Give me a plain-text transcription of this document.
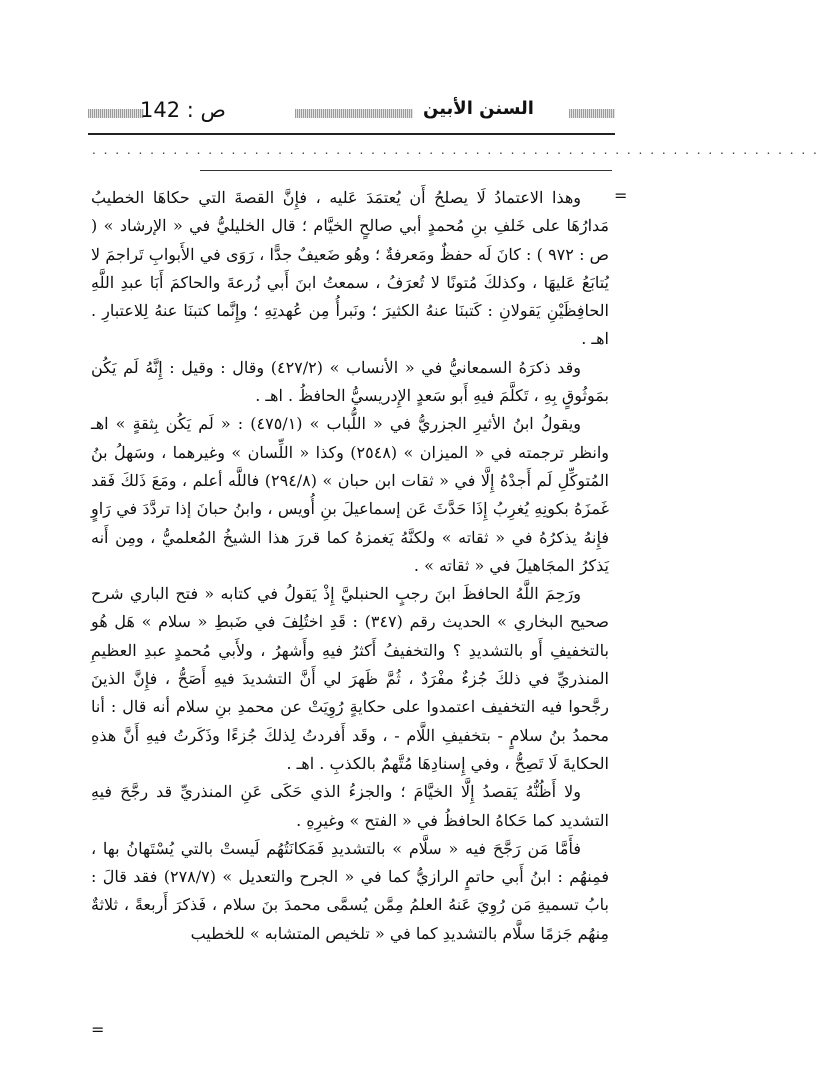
ص : 142	السنن الأبين
. . . . . . . . . . . . . . . . . . . . . . . . . . . . . . . . . . . . . . . . . . . . . . . . . . . . . . . . . . . . . . .
=

وهذا الاعتمادُ لَا يصلحُ أَن يُعتمَدَ عَليه ، فإِنَّ القصةَ التي حكاهَا الخطيبُ مَدارُهَا على خَلفِ بنِ مُحمدٍ أبي صالحٍ الخيَّام ؛ قال الخليليُّ في « الإرشاد » ( ص : ٩٧٢ ) : كانَ لَه حفظٌ ومَعرفةٌ ؛ وهُو ضَعيفٌ جدًّا ، رَوَى في الأَبوابِ تَراجمَ لا يُتابَعُ عَليهَا ، وكذلكَ مُتونًا لا تُعرَفُ ، سمعتُ ابنَ أَبي زُرعةَ والحاكمَ أَبَا عبدِ اللَّهِ الحافِظَيْنِ يَقولانِ : كَتبنَا عنهُ الكثيرَ ؛ ونَبرأُ مِن عُهدتِهِ ؛ وإِنَّما كتبنَا عنهُ لِلاعتبارِ . اهـ .

وقد ذكرَهُ السمعانيُّ في « الأنساب » (٤٢٧/٢) وقال : وقيل : إِنَّهُ لَم يَكُن بمَوثُوقٍ بِهِ ، تَكلَّمَ فيهِ أَبو سَعدٍ الإِدريسيُّ الحافظُ . اهـ .

ويقولُ ابنُ الأثيرِ الجزريُّ في « اللُّباب » (٤٧٥/١) : « لَم يَكُن بِثقةٍ » اهـ وانظر ترجمته في « الميزان » (٢٥٤٨) وكذا « اللِّسان » وغيرهما ، وسَهلُ بنُ المُتوكِّلِ لَم أَجدْهُ إِلَّا في « ثقات ابن حبان » (٢٩٤/٨) فاللَّه أعلم ، ومَعَ ذَلكَ فَقد غَمزَهُ بكونِهِ يُغرِبُ إِذَا حَدَّثَ عَن إسماعيلَ بنِ أُويس ، وابنُ حبانَ إذا تردَّدَ في رَاوٍ فإِنهُ يذكرُهُ في « ثقاته » ولكنَّهُ يَغمزهُ كما قررَ هذا الشيخُ المُعلميُّ ، ومِن أَنه يَذكرُ المجَاهيلَ في « ثقاته » .

ورَحِمَ اللَّهُ الحافظَ ابنَ رجبٍ الحنبليَّ إِذْ يَقولُ في كتابه « فتح الباري شرح صحيح البخاري » الحديث رقم (٣٤٧) : قَدِ اختُلِفَ في ضَبطِ « سلام » هَل هُو بالتخفيفِ أَو بالتشديدِ ؟ والتخفيفُ أَكثرُ فيهِ وأَشهرُ ، ولأَبي مُحمدٍ عبدِ العظيمِ المنذريِّ في ذلكَ جُزءٌ مفْرَدٌ ، ثُمَّ ظَهرَ لي أَنَّ التشديدَ فيهِ أَصَحُّ ، فإِنَّ الذينَ رجَّحوا فيه التخفيف اعتمدوا على حكايةٍ رُوِيَتْ عن محمدِ بنِ سلام أنه قال : أنا محمدُ بنُ سلامٍ - بتخفيفِ اللَّام - ، وقَد أَفردتُ لِذلكَ جُزءًا وذَكَرتُ فيهِ أَنَّ هذهِ الحكايةَ لَا تَصِحُّ ، وفي إِسنادِهَا مُتَّهمٌ بالكذبِ . اهـ .

ولا أَظُنُّهُ يَقصدُ إِلَّا الخيَّامَ ؛ والجزءُ الذي حَكَى عَنِ المنذريِّ قد رجَّحَ فيهِ التشديد كما حَكاهُ الحافظُ في « الفتح » وغيرِهِ .

فأَمَّا مَن رَجَّحَ فيه « سلَّام » بالتشديدِ فَمَكانَتُهُم لَيستْ بالتي يُسْتَهانُ بها ، فمِنهُم : ابنُ أَبي حاتمٍ الرازيُّ كما في « الجرح والتعديل » (٢٧٨/٧) فقد قالَ : بابُ تسميةِ مَن رُوِيَ عَنهُ العلمُ مِمَّن يُسمَّى محمدَ بنَ سلام ، فَذكرَ أَربعةً ، ثلاثةٌ مِنهُم جَزمًا سلَّام بالتشديدِ كما في « تلخيص المتشابه » للخطيب

=
